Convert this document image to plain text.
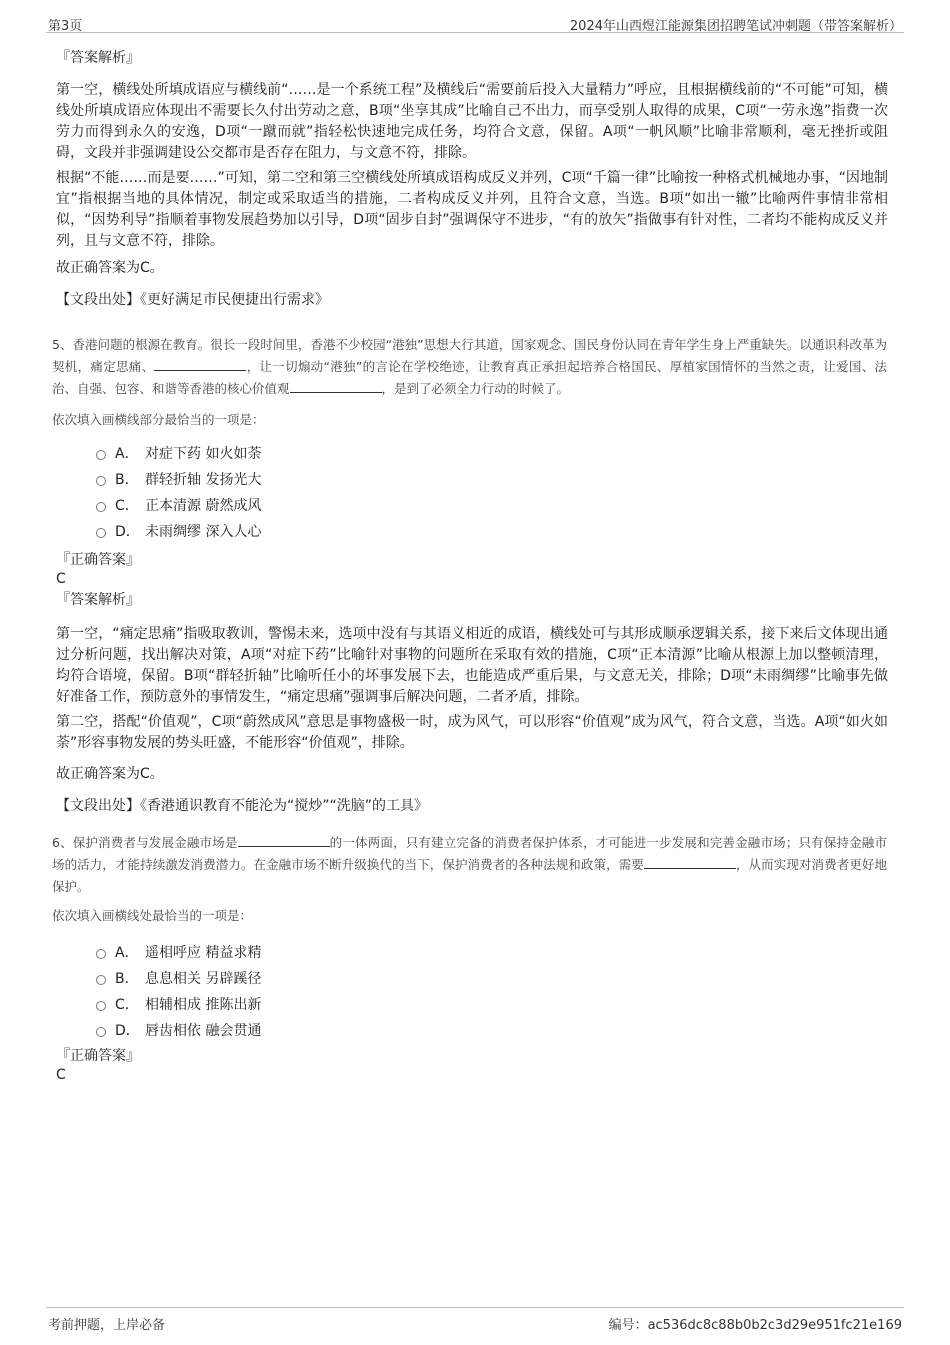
第3页	2024年山西煜江能源集团招聘笔试冲刺题（带答案解析）
『答案解析』

第一空，横线处所填成语应与横线前“……是一个系统工程”及横线后“需要前后投入大量精力”呼应，且根据横线前的“不可能”可知，横线处所填成语应体现出不需要长久付出劳动之意，B项“坐享其成”比喻自己不出力，而享受别人取得的成果，C项“一劳永逸”指费一次劳力而得到永久的安逸，D项“一蹴而就”指轻松快速地完成任务，均符合文意，保留。A项“一帆风顺”比喻非常顺利，毫无挫折或阻碍，文段并非强调建设公交都市是否存在阻力，与文意不符，排除。

根据“不能……而是要……”可知，第二空和第三空横线处所填成语构成反义并列，C项“千篇一律”比喻按一种格式机械地办事，“因地制宜”指根据当地的具体情况，制定或采取适当的措施，二者构成反义并列，且符合文意，当选。B项“如出一辙”比喻两件事情非常相似，“因势利导”指顺着事物发展趋势加以引导，D项“固步自封”强调保守不进步，“有的放矢”指做事有针对性，二者均不能构成反义并列，且与文意不符，排除。

故正确答案为C。

【文段出处】《更好满足市民便捷出行需求》

5、香港问题的根源在教育。很长一段时间里，香港不少校园“港独”思想大行其道，国家观念、国民身份认同在青年学生身上严重缺失。以通识科改革为契机，痛定思痛、	，让一切煽动“港独”的言论在学校绝迹，让教育真正承担起培养合格国民、厚植家国情怀的当然之责，让爱国、法治、自强、包容、和谐等香港的核心价值观	，是到了必须全力行动的时候了。
依次填入画横线部分最恰当的一项是：
A． 对症下药 如火如荼
B． 群轻折轴 发扬光大
C． 正本清源 蔚然成风
D． 未雨绸缪 深入人心
『正确答案』
C
『答案解析』

第一空，“痛定思痛”指吸取教训，警惕未来，选项中没有与其语义相近的成语，横线处可与其形成顺承逻辑关系，接下来后文体现出通过分析问题，找出解决对策，A项“对症下药”比喻针对事物的问题所在采取有效的措施，C项“正本清源”比喻从根源上加以整顿清理，均符合语境，保留。B项“群轻折轴”比喻听任小的坏事发展下去，也能造成严重后果，与文意无关，排除；D项“未雨绸缪”比喻事先做好准备工作，预防意外的事情发生，“痛定思痛”强调事后解决问题，二者矛盾，排除。

第二空，搭配“价值观”，C项“蔚然成风”意思是事物盛极一时，成为风气，可以形容“价值观”成为风气，符合文意，当选。A项“如火如荼”形容事物发展的势头旺盛，不能形容“价值观”，排除。

故正确答案为C。

【文段出处】《香港通识教育不能沦为“搅炒”“洗脑”的工具》

6、保护消费者与发展金融市场是	的一体两面，只有建立完备的消费者保护体系，才可能进一步发展和完善金融市场；只有保持金融市场的活力，才能持续激发消费潜力。在金融市场不断升级换代的当下，保护消费者的各种法规和政策，需要	，从而实现对消费者更好地保护。
依次填入画横线处最恰当的一项是：
A． 遥相呼应 精益求精
B． 息息相关 另辟蹊径
C． 相辅相成 推陈出新
D． 唇齿相依 融会贯通
『正确答案』
C
考前押题，上岸必备	编号：ac536dc8c88b0b2c3d29e951fc21e169
